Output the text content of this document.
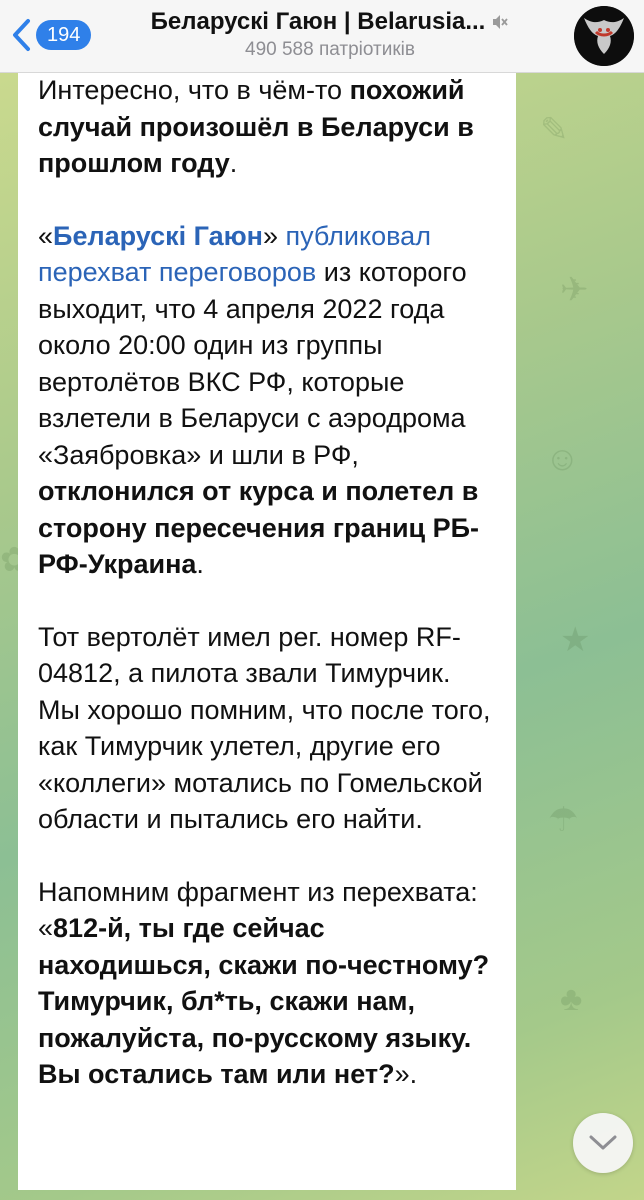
✎
✈
☺
★
☂
♣
✿
194	Беларускі Гаюн | Belarusia...
490 588 патріотиків

Интересно, что в чём-то похожий случай произошёл в Беларуси в прошлом году.

«Беларускі Гаюн» публиковал перехват переговоров из которого выходит, что 4 апреля 2022 года около 20:00 один из группы вертолётов ВКС РФ, которые взлетели в Беларуси с аэродрома «Заябровка» и шли в РФ, отклонился от курса и полетел в сторону пересечения границ РБ-РФ-Украина.

Тот вертолёт имел рег. номер RF-04812, а пилота звали Тимурчик. Мы хорошо помним, что после того, как Тимурчик улетел, другие его «коллеги» мотались по Гомельской области и пытались его найти.

Напомним фрагмент из перехвата: «812-й, ты где сейчас находишься, скажи по-честному? Тимурчик, бл*ть, скажи нам, пожалуйста, по-русскому языку. Вы остались там или нет?».
